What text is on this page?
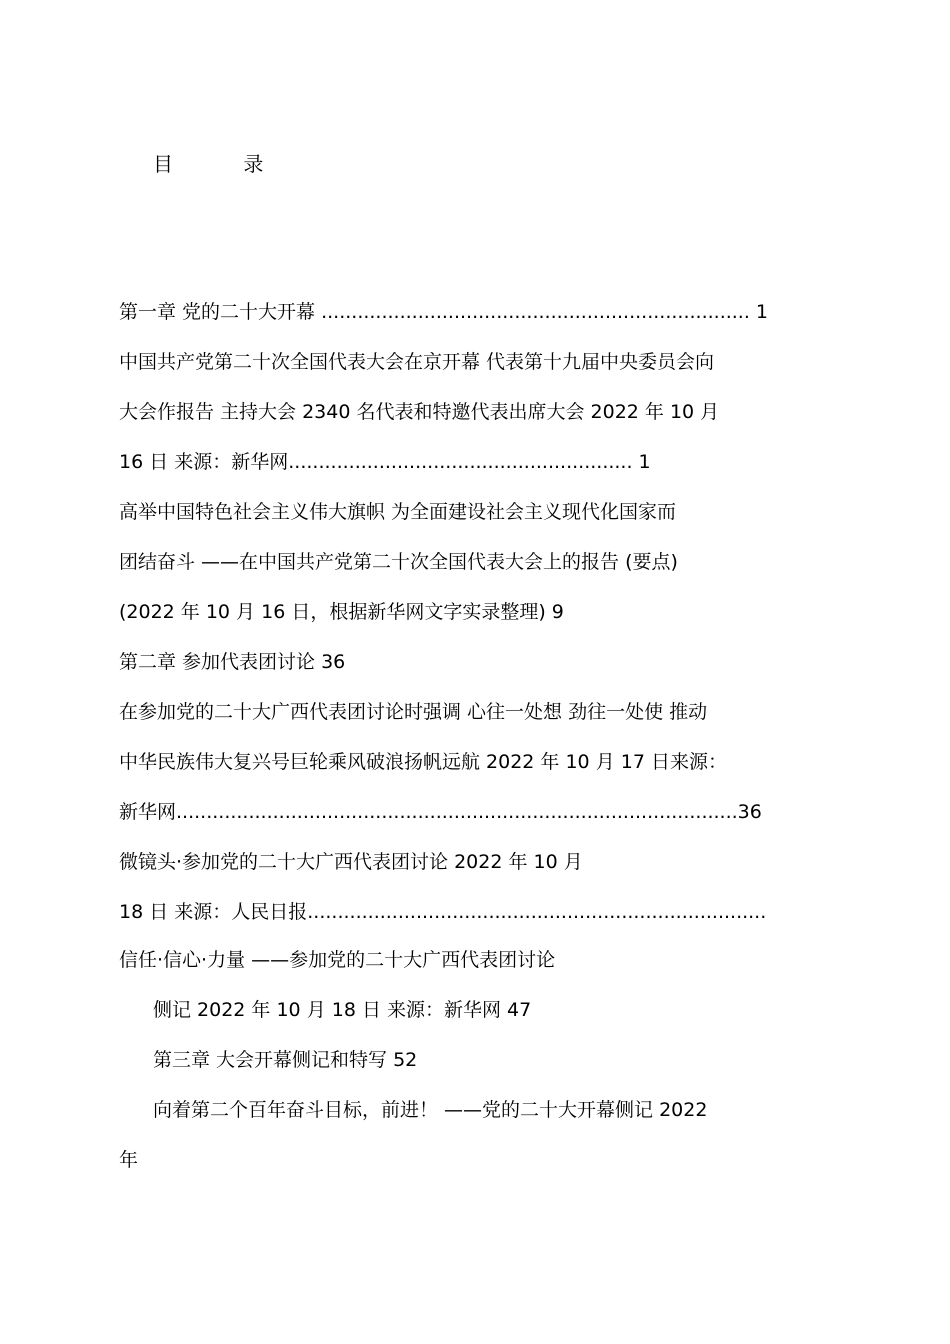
目 录
第一章 党的二十大开幕 ....................................................................... 1
中国共产党第二十次全国代表大会在京开幕 代表第十九届中央委员会向
大会作报告 主持大会 2340 名代表和特邀代表出席大会 2022 年 10 月
16 日 来源：新华网......................................................... 1
高举中国特色社会主义伟大旗帜 为全面建设社会主义现代化国家而
团结奋斗 ——在中国共产党第二十次全国代表大会上的报告 (要点)
(2022 年 10 月 16 日，根据新华网文字实录整理) 9
第二章 参加代表团讨论 36
在参加党的二十大广西代表团讨论时强调 心往一处想 劲往一处使 推动
中华民族伟大复兴号巨轮乘风破浪扬帆远航 2022 年 10 月 17 日来源：
新华网.............................................................................................36
微镜头·参加党的二十大广西代表团讨论 2022 年 10 月
18 日 来源：人民日报............................................................................
信任·信心·力量 ——参加党的二十大广西代表团讨论
侧记 2022 年 10 月 18 日 来源：新华网 47
第三章 大会开幕侧记和特写 52
向着第二个百年奋斗目标，前进！ ——党的二十大开幕侧记 2022
年
